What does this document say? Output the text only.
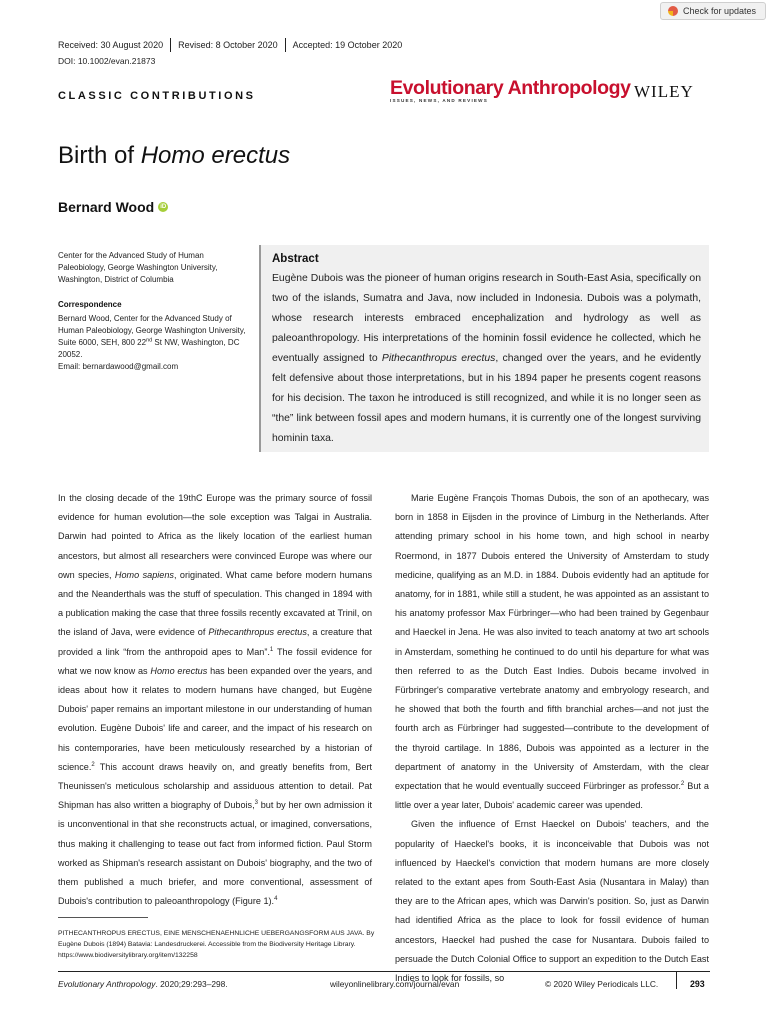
Check for updates
Received: 30 August 2020 Revised: 8 October 2020 Accepted: 19 October 2020
DOI: 10.1002/evan.21873
CLASSIC CONTRIBUTIONS	Evolutionary Anthropology
ISSUES, NEWS, AND REVIEWS	WILEY
Birth of Homo erectus
Bernard Wood	iD
Center for the Advanced Study of Human Paleobiology, George Washington University, Washington, District of Columbia
Correspondence
Bernard Wood, Center for the Advanced Study of Human Paleobiology, George Washington University, Suite 6000, SEH, 800 22nd St NW, Washington, DC 20052.
Email: bernardawood@gmail.com
Abstract

Eugène Dubois was the pioneer of human origins research in South-East Asia, specifically on two of the islands, Sumatra and Java, now included in Indonesia. Dubois was a polymath, whose research interests embraced encephalization and hydrology as well as paleoanthropology. His interpretations of the hominin fossil evidence he collected, which he eventually assigned to Pithecanthropus erectus, changed over the years, and he evidently felt defensive about those interpretations, but in his 1894 paper he presents cogent reasons for his decision. The taxon he introduced is still recognized, and while it is no longer seen as “the” link between fossil apes and modern humans, it is currently one of the longest surviving hominin taxa.

In the closing decade of the 19thC Europe was the primary source of fossil evidence for human evolution—the sole exception was Talgai in Australia. Darwin had pointed to Africa as the likely location of the earliest human ancestors, but almost all researchers were convinced Europe was where our own species, Homo sapiens, originated. What came before modern humans and the Neanderthals was the stuff of speculation. This changed in 1894 with a publication making the case that three fossils recently excavated at Trinil, on the island of Java, were evidence of Pithecanthropus erectus, a creature that provided a link “from the anthropoid apes to Man”.$^1$ The fossil evidence for what we now know as Homo erectus has been expanded over the years, and ideas about how it relates to modern humans have changed, but Eugène Dubois' paper remains an important milestone in our understanding of human evolution. Eugène Dubois' life and career, and the impact of his research on his contemporaries, have been meticulously researched by a historian of science.$^2$ This account draws heavily on, and greatly benefits from, Bert Theunissen's meticulous scholarship and assiduous attention to detail. Pat Shipman has also written a biography of Dubois,$^3$ but by her own admission it is unconventional in that she reconstructs actual, or imagined, conversations, thus making it challenging to tease out fact from informed fiction. Paul Storm worked as Shipman's research assistant on Dubois' biography, and the two of them published a much briefer, and more conventional, assessment of Dubois's contribution to paleoanthropology (Figure 1).$^4$

PITHECANTHROPUS ERECTUS, EINE MENSCHENAEHNLICHE UEBERGANGSFORM AUS JAVA. By Eugène Dubois (1894) Batavia: Landesdruckerei. Accessible from the Biodiversity Heritage Library. https://www.biodiversitylibrary.org/item/132258

Marie Eugène François Thomas Dubois, the son of an apothecary, was born in 1858 in Eijsden in the province of Limburg in the Netherlands. After attending primary school in his home town, and high school in nearby Roermond, in 1877 Dubois entered the University of Amsterdam to study medicine, qualifying as an M.D. in 1884. Dubois evidently had an aptitude for anatomy, for in 1881, while still a student, he was appointed as an assistant to his anatomy professor Max Fürbringer—who had been trained by Gegenbaur and Haeckel in Jena. He was also invited to teach anatomy at two art schools in Amsterdam, something he continued to do until his departure for what was then referred to as the Dutch East Indies. Dubois became involved in Fürbringer's comparative vertebrate anatomy and embryology research, and he showed that both the fourth and fifth branchial arches—and not just the fourth arch as Fürbringer had suggested—contribute to the development of the thyroid cartilage. In 1886, Dubois was appointed as a lecturer in the department of anatomy in the University of Amsterdam, with the clear expectation that he would eventually succeed Fürbringer as professor.$^2$ But a little over a year later, Dubois' academic career was upended.

Given the influence of Ernst Haeckel on Dubois' teachers, and the popularity of Haeckel's books, it is inconceivable that Dubois was not influenced by Haeckel's conviction that modern humans are more closely related to the extant apes from South-East Asia (Nusantara in Malay) than they are to the African apes, which was Darwin's position. So, just as Darwin had identified Africa as the place to look for fossil evidence of human ancestors, Haeckel had pushed the case for Nusantara. Dubois failed to persuade the Dutch Colonial Office to support an expedition to the Dutch East Indies to look for fossils, so

Evolutionary Anthropology. 2020;29:293–298.	wileyonlinelibrary.com/journal/evan	© 2020 Wiley Periodicals LLC.	293
